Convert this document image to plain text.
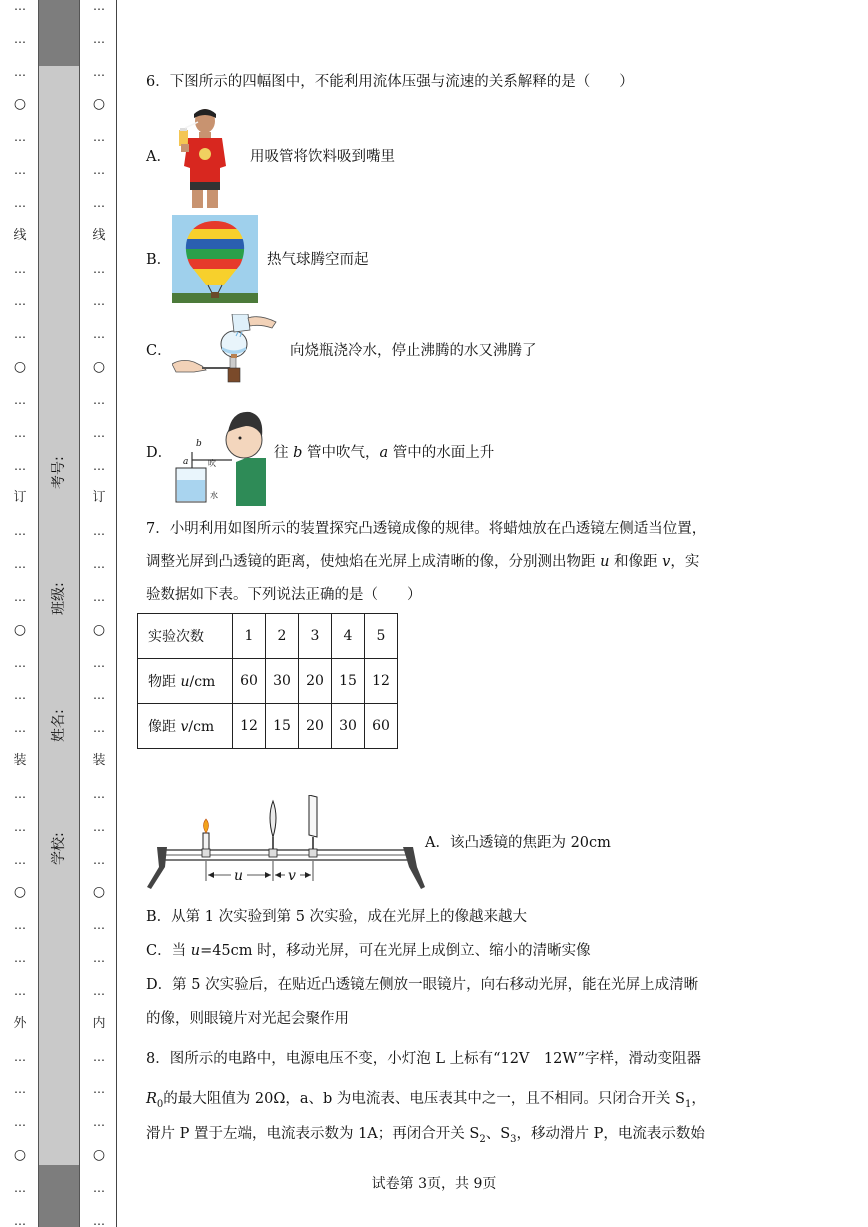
…
…
…
○
…
…
…
线
…
…
…
○
…
…
…
订
…
…
…
○
…
…
…
装
…
…
…
○
…
…
…
外
…
…
…
○
…
…
考号:
班级:
姓名:
学校:
…
…
…
○
…
…
…
线
…
…
…
○
…
…
…
订
…
…
…
○
…
…
…
装
…
…
…
○
…
…
…
内
…
…
…
○
…
…
6．下图所示的四幅图中，不能利用流体压强与流速的关系解释的是（　　）
A．	用吸管将饮料吸到嘴里
B．	热气球腾空而起
C．	向烧瓶浇冷水，停止沸腾的水又沸腾了
D．
b
a 吹
水
往 b 管中吹气，a 管中的水面上升
7．小明利用如图所示的装置探究凸透镜成像的规律。将蜡烛放在凸透镜左侧适当位置，
调整光屏到凸透镜的距离，使烛焰在光屏上成清晰的像，分别测出物距 u 和像距 v，实
验数据如下表。下列说法正确的是（　　）
实验次数	1	2	3	4	5
物距 u/cm	60	30	20	15	12
像距 v/cm	12	15	20	30	60
u	v
A．该凸透镜的焦距为 20cm
B．从第 1 次实验到第 5 次实验，成在光屏上的像越来越大
C．当 u=45cm 时，移动光屏，可在光屏上成倒立、缩小的清晰实像
D．第 5 次实验后，在贴近凸透镜左侧放一眼镜片，向右移动光屏，能在光屏上成清晰
的像，则眼镜片对光起会聚作用
8．图所示的电路中，电源电压不变，小灯泡 L 上标有“12V　12W”字样，滑动变阻器
$R_0$的最大阻值为 20Ω，a、b 为电流表、电压表其中之一，且不相同。只闭合开关 $S_1$，
滑片 P 置于左端，电流表示数为 1A；再闭合开关 $S_2$、$S_3$，移动滑片 P，电流表示数始
试卷第 3页，共 9页
